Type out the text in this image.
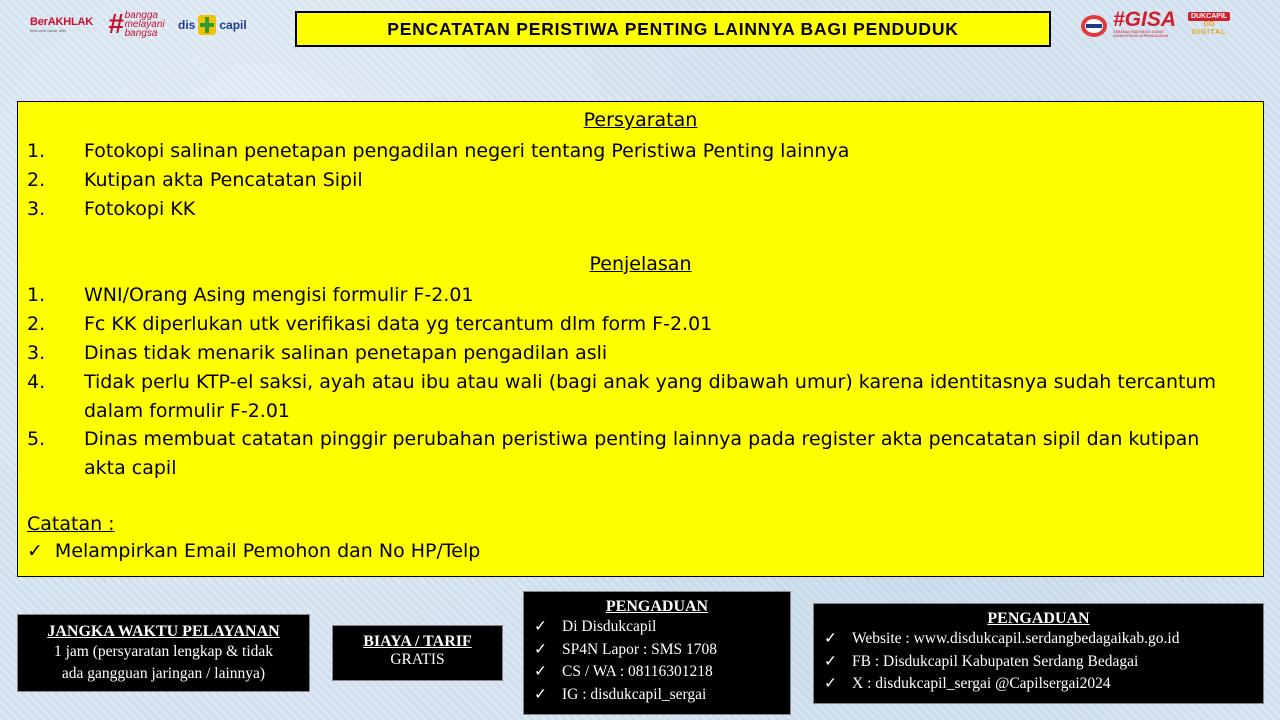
BerAKHLAK
Nilai-nilai Dasar ASN	# bangga
melayani
bangsa
dis capil	#GISA
GERAKAN INDONESIA SADAR ADMINISTRASI KEPENDUDUKAN
DUKCAPIL
GO
DIGITAL
PENCATATAN PERISTIWA PENTING LAINNYA BAGI PENDUDUK
Persyaratan
1. Fotokopi salinan penetapan pengadilan negeri tentang Peristiwa Penting lainnya
2. Kutipan akta Pencatatan Sipil
3. Fotokopi KK
Penjelasan
1. WNI/Orang Asing mengisi formulir F-2.01
2. Fc KK diperlukan utk verifikasi data yg tercantum dlm form F-2.01
3. Dinas tidak menarik salinan penetapan pengadilan asli
4. Tidak perlu KTP-el saksi, ayah atau ibu atau wali (bagi anak yang dibawah umur) karena identitasnya sudah tercantum dalam formulir F-2.01
5. Dinas membuat catatan pinggir perubahan peristiwa penting lainnya pada register akta pencatatan sipil dan kutipan akta capil
Catatan :
✓ Melampirkan Email Pemohon dan No HP/Telp
JANGKA WAKTU PELAYANAN
1 jam (persyaratan lengkap & tidak
ada gangguan jaringan / lainnya)
BIAYA / TARIF
GRATIS
PENGADUAN
✓ Di Disdukcapil
✓ SP4N Lapor : SMS 1708
✓ CS / WA : 08116301218
✓ IG : disdukcapil_sergai
PENGADUAN
✓ Website : www.disdukcapil.serdangbedagaikab.go.id
✓ FB : Disdukcapil Kabupaten Serdang Bedagai
✓ X : disdukcapil_sergai @Capilsergai2024
